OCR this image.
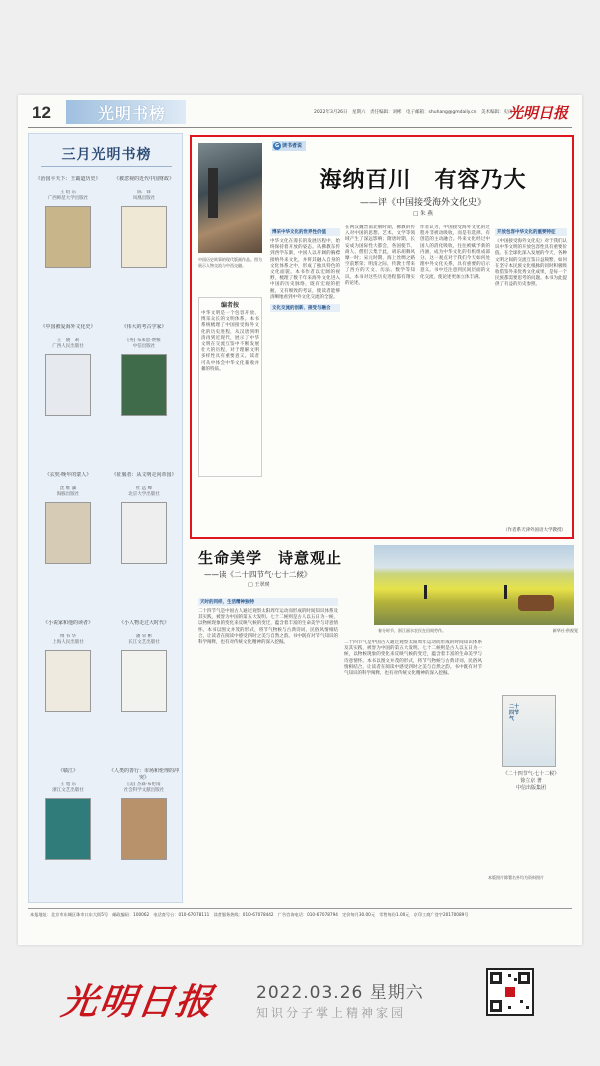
12	光明书榜	2022年3月26日　星期六　责任编辑：刘彬　电子邮箱：shuhang@gmdaily.cn　美术编辑：史雨
光明日报
三月光明书榜
《治国平天下：王霸道历史》
王 绍 东
广西师范大学出版社
《被忽视的近代中国财政》
陈　锋
凤凰出版社
《中国被爱海外文化史》
王　晓　莉
广西人民出版社
《伟大的考古学家》
[英] 布莱恩·费根
中信出版社
《玄奘·晚年的蒙人》
沈 维 藩
海豚出版社
《征服者：从文明走向帝国》
杜 远 峰
北京大学出版社
《小说家和他的读者》
傅 书 华
上海人民出版社
《小人物走过大时代》
潘 荣 彬
长江文艺出版社
《赣江》
王 旭 东
浙江文艺出版社
《人类的善行：市场和伦理的冲突》
[美] 杰森·布伦南
社会科学文献出版社
中国历史故事的现代版画作品。图为展示人物交流与中西交融。
编者按
中华文明是一个包容开放、博采众长的文明体系。本书系统梳理了中国接受海外文化的历史进程，从汉唐到明清再到近现代，展示了中华文明在交流互鉴中不断发展壮大的历程，对于理解文明多样性具有重要意义。读者可从中体会中华文化兼收并蓄的特质。
G 读书者说
海纳百川　有容乃大
——评《中国接受海外文化史》
□ 朱 燕
博采中华文化的世界性价值
中华文化在漫长的发展历程中，始终保持着开放的姿态。从佛教东传到西学东渐，中国人以开阔的胸襟接纳外来文化，并将其融入自身的文化体系之中，形成了独具特色的文化面貌。本书作者以宏阔的视野，梳理了数千年来海外文化进入中国的历史脉络，既有宏观的把握，又有细致的考证，使读者能够清晰地看到中外文化交流的全貌。
文化交流的创新、接受与融合
在两汉魏晋南北朝时期，佛教的传入对中国的思想、艺术、文学等领域产生了深远影响；隋唐时期，长安成为国际性大都会，各国使节、商人、僧侣云集于此，胡乐胡舞风靡一时；宋元时期，海上丝绸之路空前繁荣；明清之际，传教士带来了西方的天文、历法、数学等知识。本书对这些历史进程都有翔实的论述。
作者认为，中国接受海外文化的过程并非被动吸收，而是有选择、有创造的主动融合。外来文化经过中国人的消化吸收，往往被赋予新的内涵，成为中华文化的有机组成部分。这一观点对于我们今天如何处理中外文化关系，具有重要的启示意义。书中还注意到民间层面的文化交流，使论述更加立体丰满。
开放包容中华文化的重要特征
《中国接受海外文化史》对于我们认识中华文明的开放包容性具有重要价值。在全球化深入发展的今天，各种文明之间的交流互鉴日益频繁，如何在坚守本民族文化根脉的同时积极吸收借鉴外来优秀文化成果，是每一个民族都需要思考的问题。本书为此提供了有益的历史参照。
（作者系天津外国语大学教授）
生命美学　诗意观止
——读《二十四节气·七十二候》
□ 王翠瑛
春分时节，浙江丽水农民在田间劳作。	新华社·供视觉
天时的同样，生活精神独特
二十四节气是中国古人通过观察太阳周年运动而形成的时间知识体系及其实践，被誉为中国的第五大发明。七十二候则是古人以五日为一候，以物候现象的变化来反映气候的变迁，蕴含着丰富的生命美学与诗意情怀。本书以图文并茂的形式，将节气物候与古典诗词、民俗风情相结合，让读者在阅读中感受四时之美与自然之韵。书中既有对节气知识的科学阐释，也有对传统文化精神的深入挖掘。	二十四节气是中国古人通过观察太阳周年运动而形成的时间知识体系及其实践，被誉为中国的第五大发明。七十二候则是古人以五日为一候，以物候现象的变化来反映气候的变迁，蕴含着丰富的生命美学与诗意情怀。本书以图文并茂的形式，将节气物候与古典诗词、民俗风情相结合，让读者在阅读中感受四时之美与自然之韵。书中既有对节气知识的科学阐释，也有对传统文化精神的深入挖掘。
二十四节气
《二十四节气·七十二候》
徐立京 著
中信出版集团
本版图片除署名外均为资料图片
本报地址：北京市东城区珠市口东大街5号　邮政编码：100062　电话查号台：010-67078111　读者服务热线：010-67078442　广告咨询电话：010-67078794　定价每月30.00元　零售每份1.00元　京印工商广登字20170089号
光明日报 2022.03.26 星期六
知识分子掌上精神家园
